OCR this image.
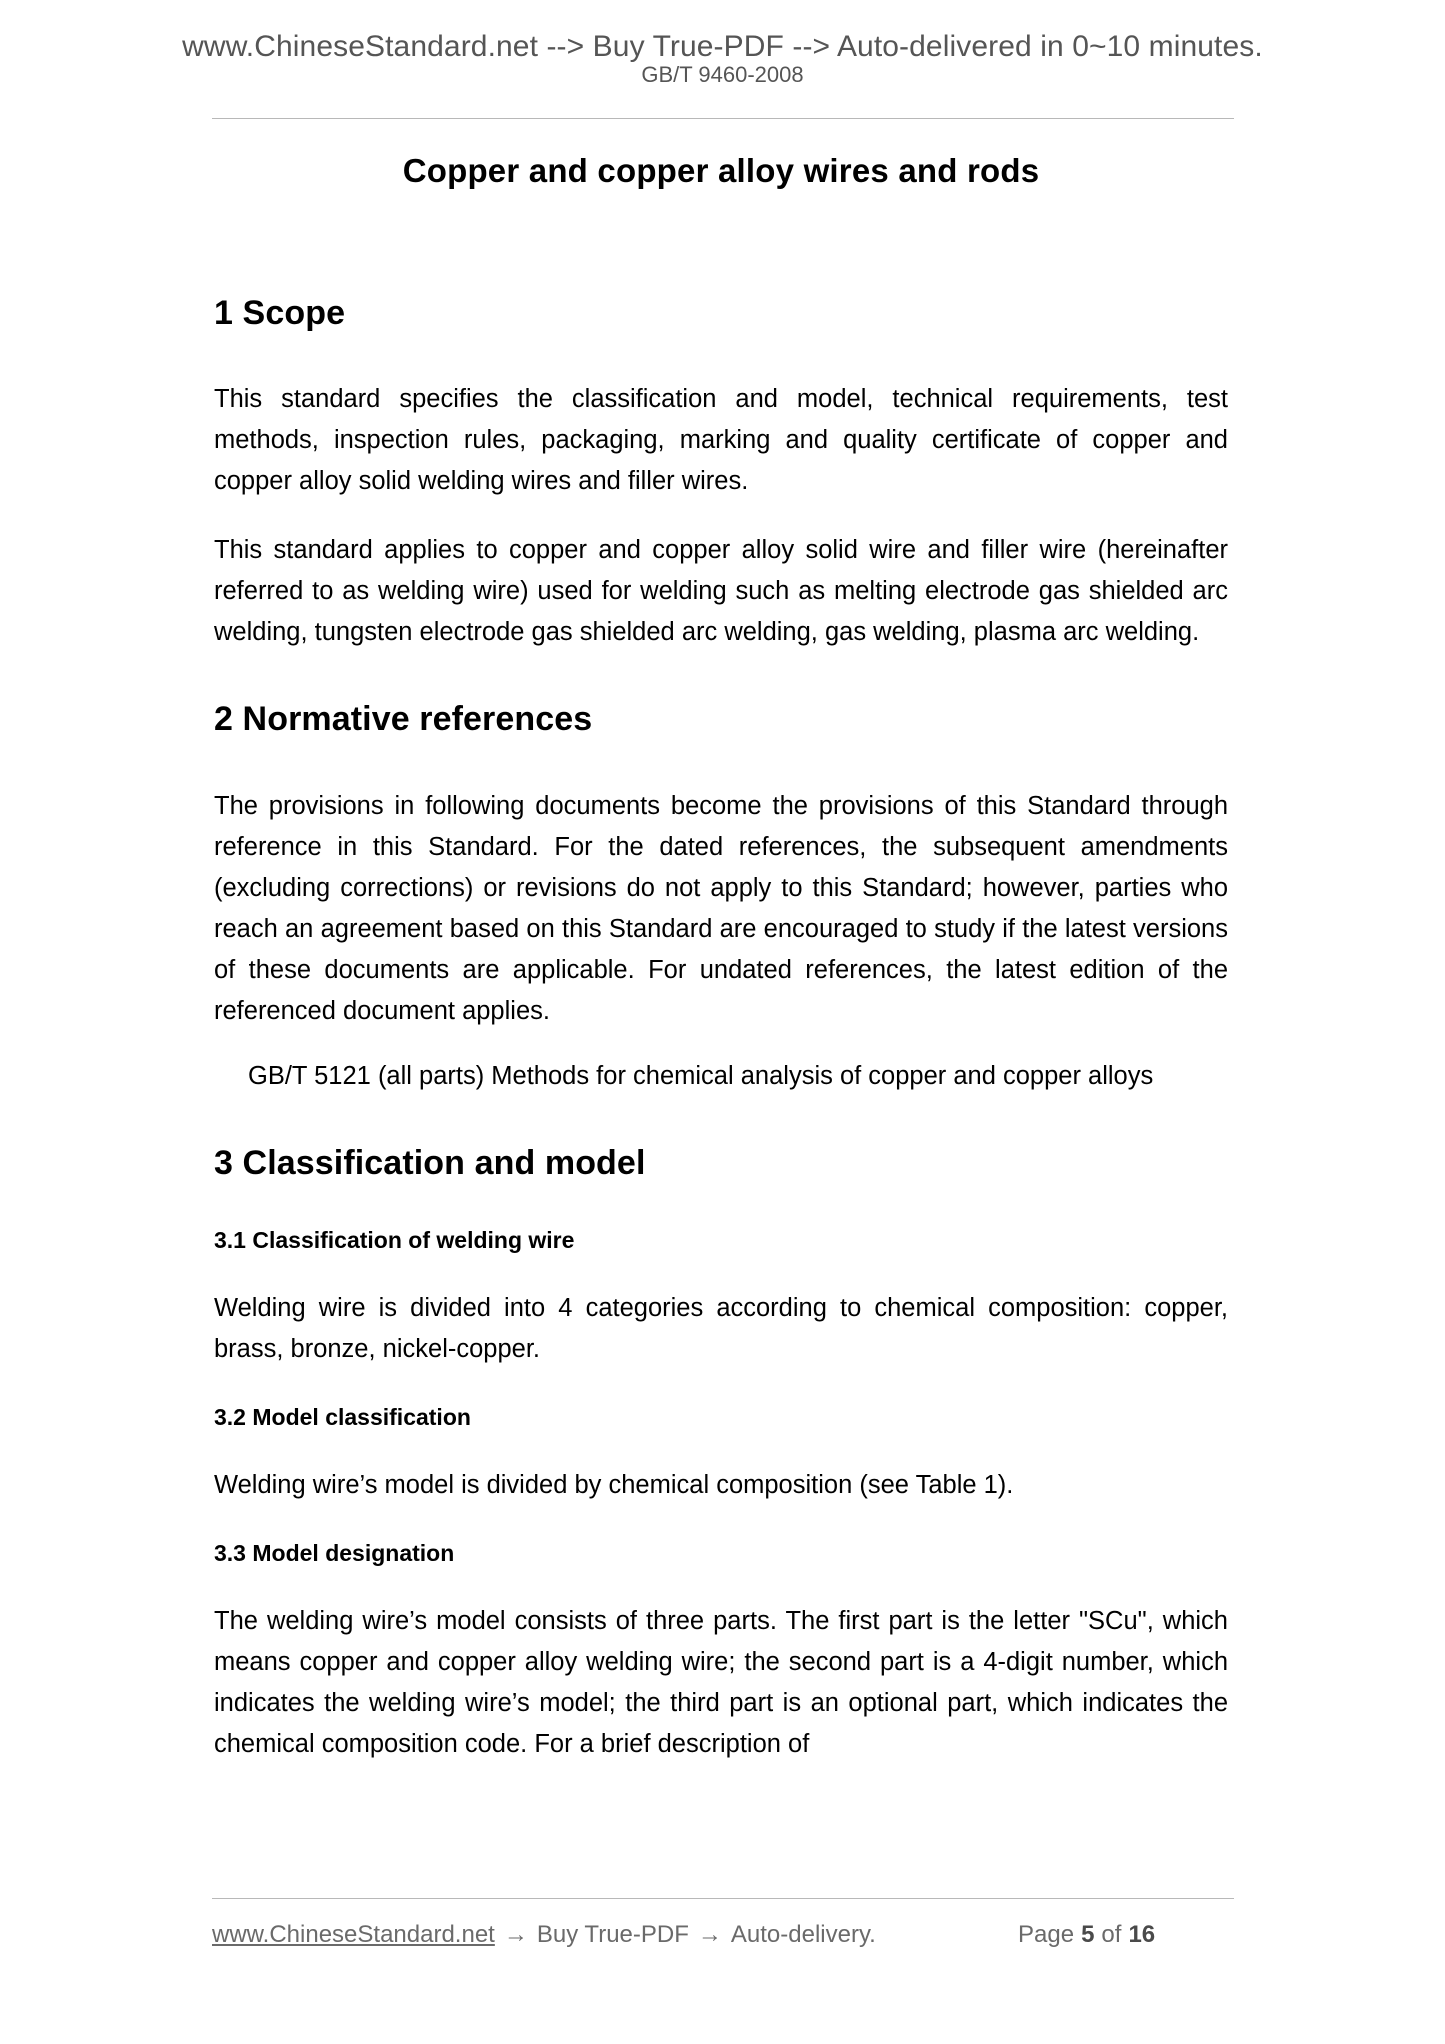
www.ChineseStandard.net --> Buy True-PDF --> Auto-delivered in 0~10 minutes.
GB/T 9460-2008
Copper and copper alloy wires and rods
1 Scope

This standard specifies the classification and model, technical requirements, test methods, inspection rules, packaging, marking and quality certificate of copper and copper alloy solid welding wires and filler wires.

This standard applies to copper and copper alloy solid wire and filler wire (hereinafter referred to as welding wire) used for welding such as melting electrode gas shielded arc welding, tungsten electrode gas shielded arc welding, gas welding, plasma arc welding.

2 Normative references

The provisions in following documents become the provisions of this Standard through reference in this Standard. For the dated references, the subsequent amendments (excluding corrections) or revisions do not apply to this Standard; however, parties who reach an agreement based on this Standard are encouraged to study if the latest versions of these documents are applicable. For undated references, the latest edition of the referenced document applies.

GB/T 5121 (all parts) Methods for chemical analysis of copper and copper alloys

3 Classification and model
3.1 Classification of welding wire

Welding wire is divided into 4 categories according to chemical composition: copper, brass, bronze, nickel-copper.

3.2 Model classification

Welding wire’s model is divided by chemical composition (see Table 1).

3.3 Model designation

The welding wire’s model consists of three parts. The first part is the letter "SCu", which means copper and copper alloy welding wire; the second part is a 4-digit number, which indicates the welding wire’s model; the third part is an optional part, which indicates the chemical composition code. For a brief description of

www.ChineseStandard.net → Buy True-PDF → Auto-delivery.	Page 5 of 16
